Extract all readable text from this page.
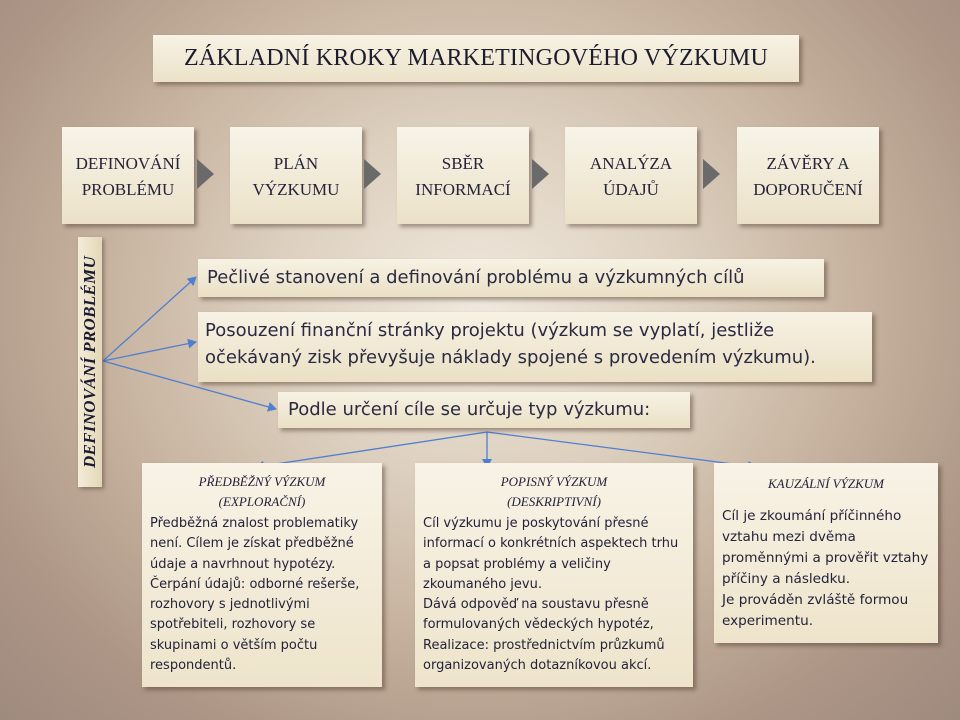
ZÁKLADNÍ KROKY MARKETINGOVÉHO VÝZKUMU
DEFINOVÁNÍ
PROBLÉMU
PLÁN
VÝZKUMU
SBĚR
INFORMACÍ
ANALÝZA
ÚDAJŮ
ZÁVĚRY A
DOPORUČENÍ
DEFINOVÁNÍ PROBLÉMU	Pečlivé stanovení a definování problému a výzkumných cílů
Posouzení finanční stránky projektu (výzkum se vyplatí, jestliže očekávaný zisk převyšuje náklady spojené s provedením výzkumu).
Podle určení cíle se určuje typ výzkumu:
PŘEDBĚŽNÝ VÝZKUM
(EXPLORAČNÍ)
Předběžná znalost problematiky není. Cílem je získat předběžné údaje a navrhnout hypotézy.
Čerpání údajů: odborné rešerše, rozhovory s jednotlivými spotřebiteli, rozhovory se skupinami o větším počtu respondentů.
POPISNÝ VÝZKUM
(DESKRIPTIVNÍ)
Cíl výzkumu je poskytování přesné informací o konkrétních aspektech trhu a popsat problémy a veličiny zkoumaného jevu.
Dává odpověď na soustavu přesně formulovaných vědeckých hypotéz, Realizace: prostřednictvím průzkumů organizovaných dotazníkovou akcí.
KAUZÁLNÍ VÝZKUM
Cíl je zkoumání příčinného vztahu mezi dvěma proměnnými a prověřit vztahy příčiny a následku.
Je prováděn zvláště formou experimentu.
